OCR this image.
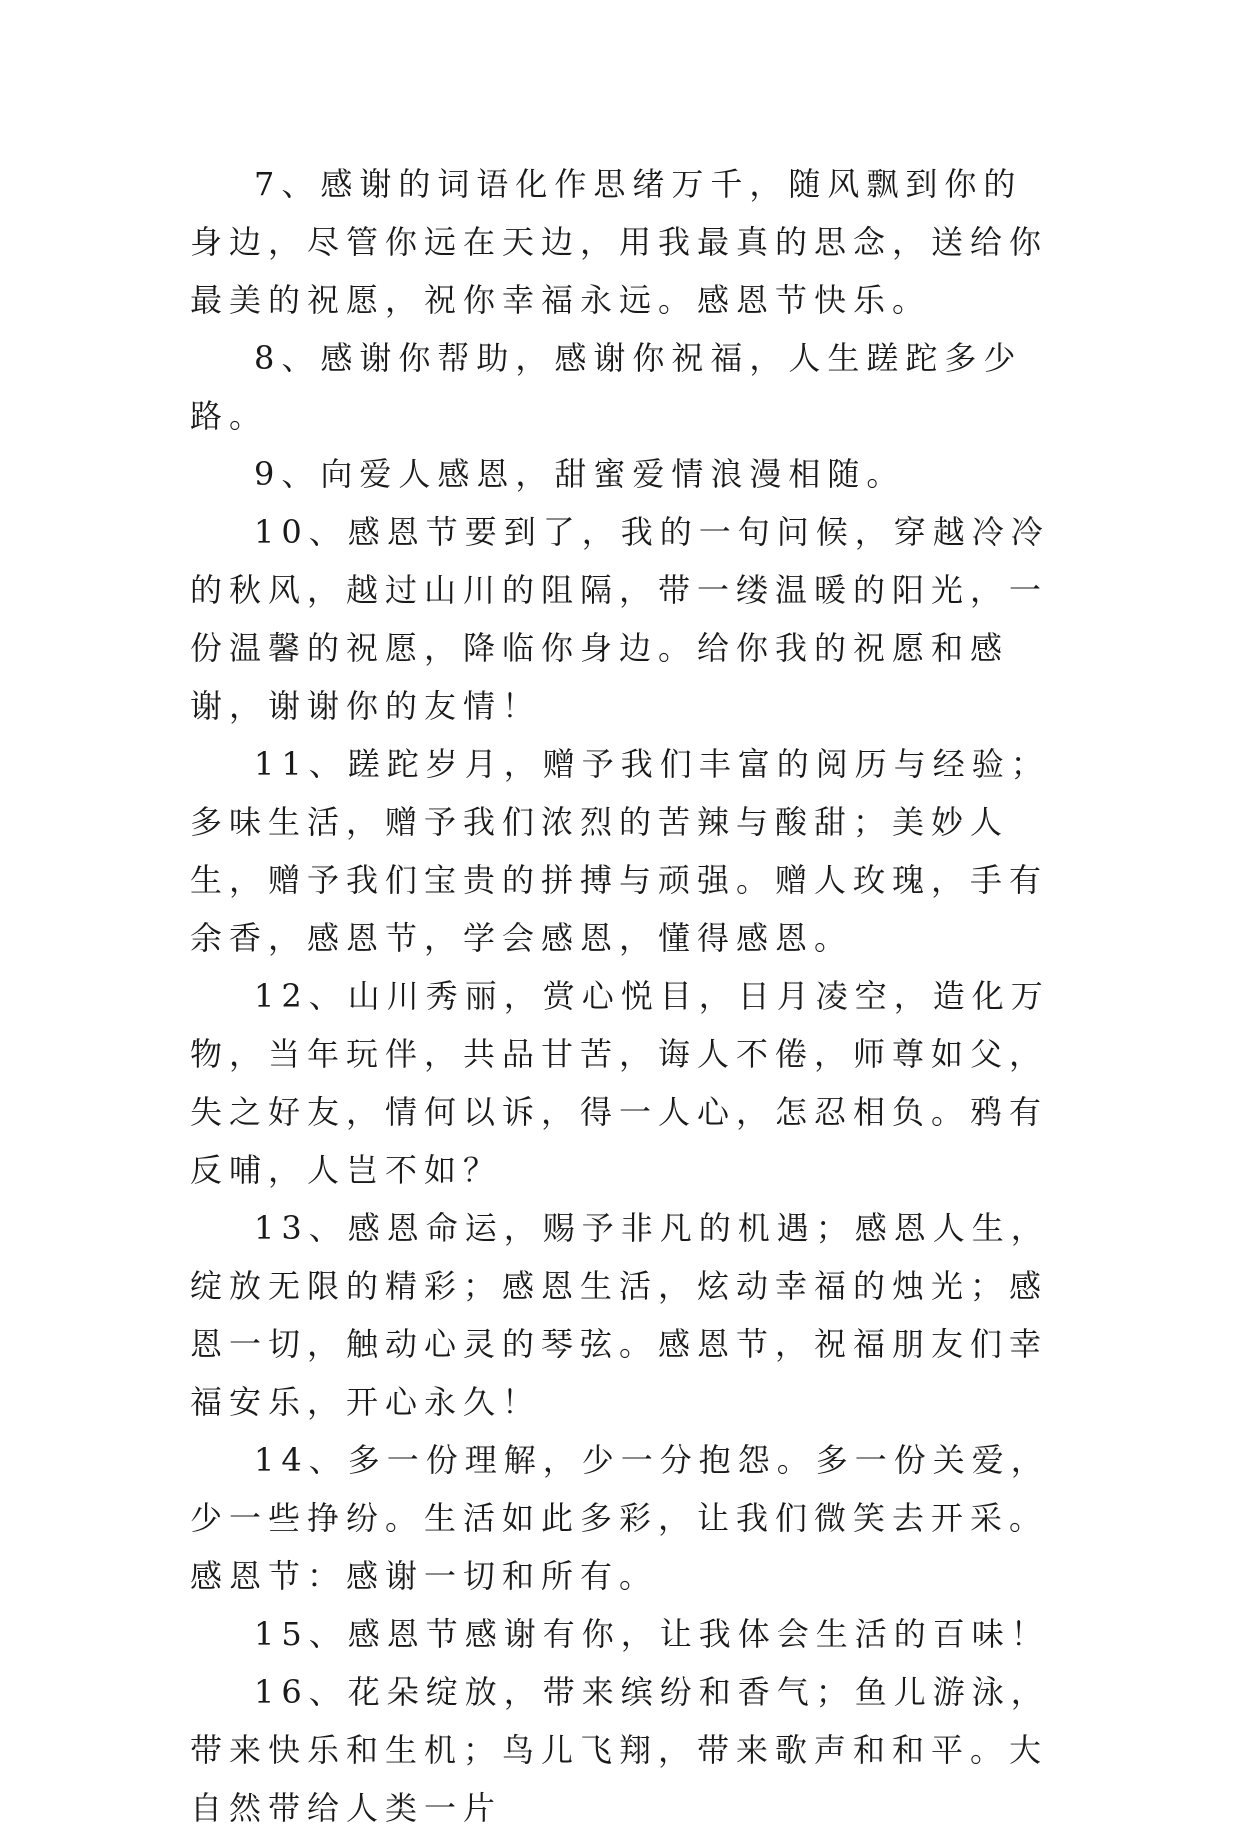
7、感谢的词语化作思绪万千，随风飘到你的身边，尽管你远在天边，用我最真的思念，送给你最美的祝愿，祝你幸福永远。感恩节快乐。

8、感谢你帮助，感谢你祝福，人生蹉跎多少路。

9、向爱人感恩，甜蜜爱情浪漫相随。

10、感恩节要到了，我的一句问候，穿越冷冷的秋风，越过山川的阻隔，带一缕温暖的阳光，一份温馨的祝愿，降临你身边。给你我的祝愿和感谢，谢谢你的友情！

11、蹉跎岁月，赠予我们丰富的阅历与经验；多味生活，赠予我们浓烈的苦辣与酸甜；美妙人生，赠予我们宝贵的拼搏与顽强。赠人玫瑰，手有余香，感恩节，学会感恩，懂得感恩。

12、山川秀丽，赏心悦目，日月凌空，造化万物，当年玩伴，共品甘苦，诲人不倦，师尊如父，失之好友，情何以诉，得一人心，怎忍相负。鸦有反哺，人岂不如？

13、感恩命运，赐予非凡的机遇；感恩人生，绽放无限的精彩；感恩生活，炫动幸福的烛光；感恩一切，触动心灵的琴弦。感恩节，祝福朋友们幸福安乐，开心永久！

14、多一份理解，少一分抱怨。多一份关爱，少一些挣纷。生活如此多彩，让我们微笑去开采。感恩节：感谢一切和所有。

15、感恩节感谢有你，让我体会生活的百味！

16、花朵绽放，带来缤纷和香气；鱼儿游泳，带来快乐和生机；鸟儿飞翔，带来歌声和和平。大自然带给人类一片
